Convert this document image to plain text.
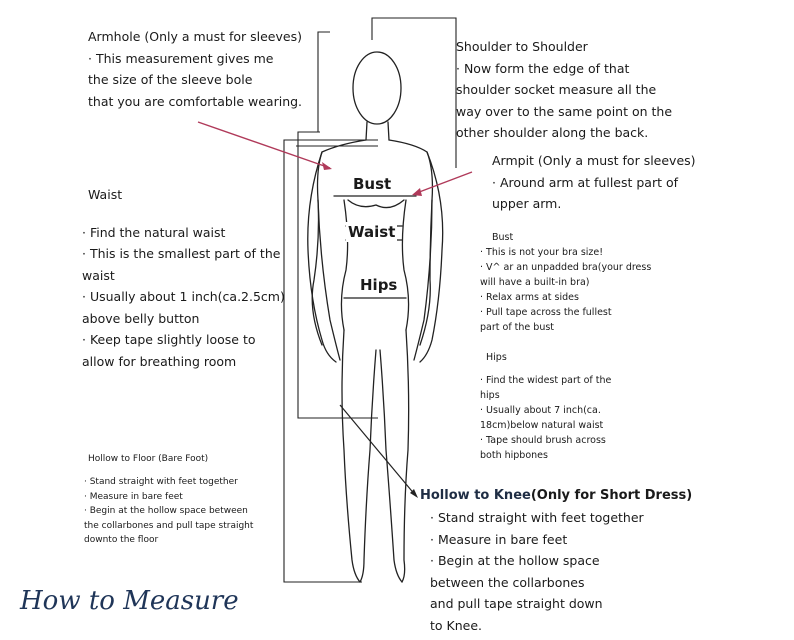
Bust
Waist
Hips
Armhole (Only a must for sleeves)
· This measurement gives me
the size of the sleeve bole
that you are comfortable wearing.
Shoulder to Shoulder
· Now form the edge of that
shoulder socket measure all the
way over to the same point on the
other shoulder along the back.
Armpit (Only a must for sleeves)
· Around arm at fullest part of
upper arm.
Waist
· Find the natural waist
· This is the smallest part of the
waist
· Usually about 1 inch(ca.2.5cm)
above belly button
· Keep tape slightly loose to
allow for breathing room
Bust
· This is not your bra size!
· V^ ar an unpadded bra(your dress
will have a built-in bra)
· Relax arms at sides
· Pull tape across the fullest
part of the bust
Hips
· Find the widest part of the
hips
· Usually about 7 inch(ca.
18cm)below natural waist
· Tape should brush across
both hipbones
Hollow to Floor (Bare Foot)
· Stand straight with feet together
· Measure in bare feet
· Begin at the hollow space between
the collarbones and pull tape straight
downto the floor
Hollow to Knee(Only for Short Dress)
· Stand straight with feet together
· Measure in bare feet
· Begin at the hollow space
between the collarbones
and pull tape straight down
to Knee.
How to Measure
